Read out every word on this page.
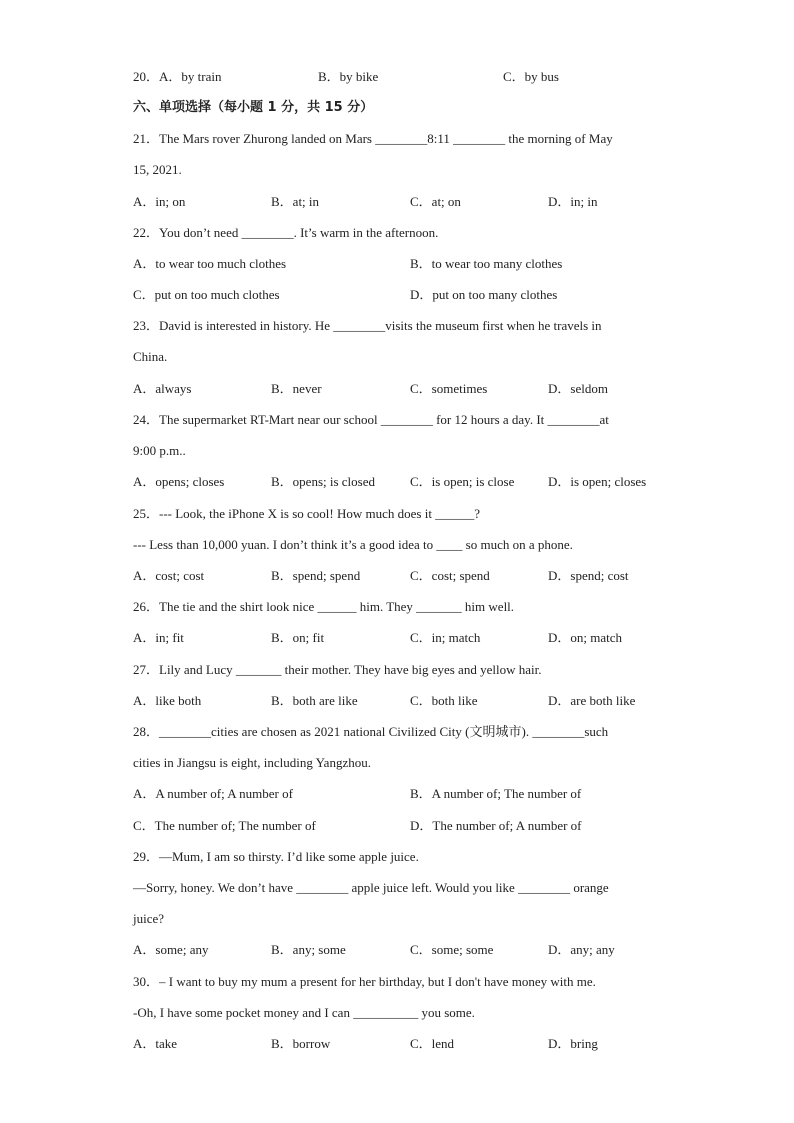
20．A．by train	B．by bike	C．by bus
六、单项选择（每小题 1 分，共 15 分）
21．The Mars rover Zhurong landed on Mars ________8:11 ________ the morning of May
15, 2021.
A．in; on	B．at; in	C．at; on	D．in; in
22．You don’t need ________. It’s warm in the afternoon.
A．to wear too much clothes	B．to wear too many clothes
C．put on too much clothes	D．put on too many clothes
23．David is interested in history. He ________visits the museum first when he travels in
China.
A．always	B．never	C．sometimes	D．seldom
24．The supermarket RT-Mart near our school ________ for 12 hours a day. It ________at
9:00 p.m..
A．opens; closes	B．opens; is closed	C．is open; is close	D．is open; closes
25．--- Look, the iPhone X is so cool! How much does it ______?
--- Less than 10,000 yuan. I don’t think it’s a good idea to ____ so much on a phone.
A．cost; cost	B．spend; spend	C．cost; spend	D．spend; cost
26．The tie and the shirt look nice ______ him. They _______ him well.
A．in; fit	B．on; fit	C．in; match	D．on; match
27．Lily and Lucy _______ their mother. They have big eyes and yellow hair.
A．like both	B．both are like	C．both like	D．are both like
28．________cities are chosen as 2021 national Civilized City (文明城市). ________such
cities in Jiangsu is eight, including Yangzhou.
A．A number of; A number of	B．A number of; The number of
C．The number of; The number of	D．The number of; A number of
29．—Mum, I am so thirsty. I’d like some apple juice.
—Sorry, honey. We don’t have ________ apple juice left. Would you like ________ orange
juice?
A．some; any	B．any; some	C．some; some	D．any; any
30．– I want to buy my mum a present for her birthday, but I don't have money with me.
-Oh, I have some pocket money and I can __________ you some.
A．take	B．borrow	C．lend	D．bring
